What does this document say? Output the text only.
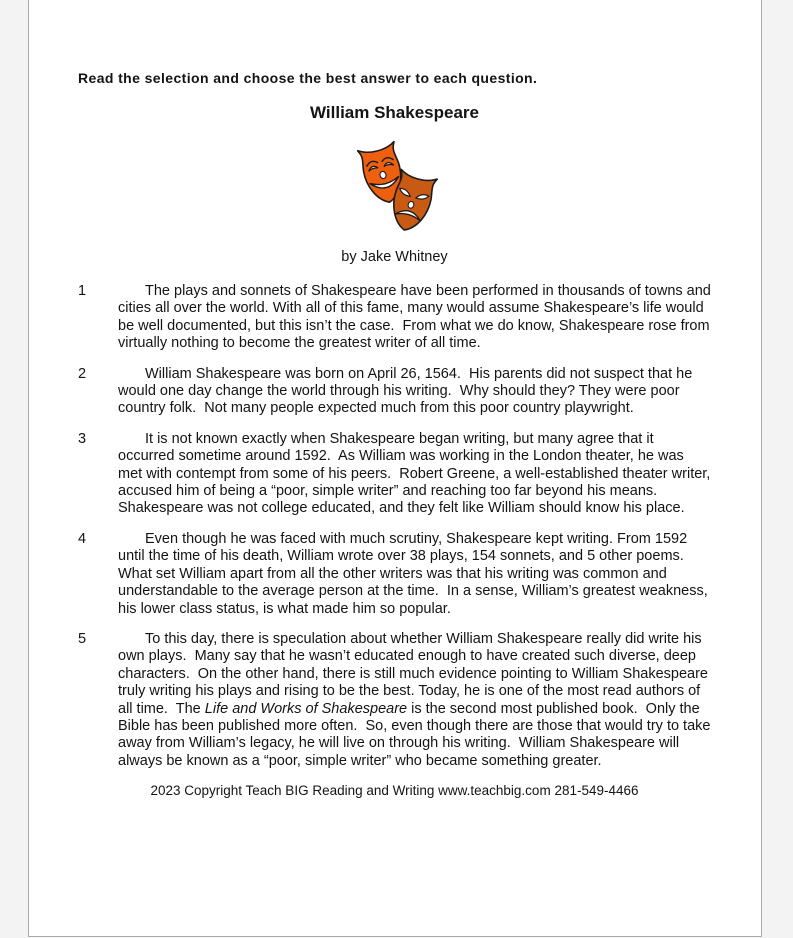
Read the selection and choose the best answer to each question.

William Shakespeare

by Jake Whitney

1	The plays and sonnets of Shakespeare have been performed in thousands of towns and cities all over the world. With all of this fame, many would assume Shakespeare’s life would be well documented, but this isn’t the case.  From what we do know, Shakespeare rose from virtually nothing to become the greatest writer of all time.
2	William Shakespeare was born on April 26, 1564.  His parents did not suspect that he would one day change the world through his writing.  Why should they? They were poor country folk.  Not many people expected much from this poor country playwright.
3	It is not known exactly when Shakespeare began writing, but many agree that it occurred sometime around 1592.  As William was working in the London theater, he was met with contempt from some of his peers.  Robert Greene, a well-established theater writer, accused him of being a “poor, simple writer” and reaching too far beyond his means.  Shakespeare was not college educated, and they felt like William should know his place.
4	Even though he was faced with much scrutiny, Shakespeare kept writing. From 1592 until the time of his death, William wrote over 38 plays, 154 sonnets, and 5 other poems.  What set William apart from all the other writers was that his writing was common and understandable to the average person at the time.  In a sense, William’s greatest weakness, his lower class status, is what made him so popular.
5	To this day, there is speculation about whether William Shakespeare really did write his own plays.  Many say that he wasn’t educated enough to have created such diverse, deep characters.  On the other hand, there is still much evidence pointing to William Shakespeare truly writing his plays and rising to be the best. Today, he is one of the most read authors of all time.  The Life and Works of Shakespeare is the second most published book.  Only the Bible has been published more often.  So, even though there are those that would try to take away from William’s legacy, he will live on through his writing.  William Shakespeare will always be known as a “poor, simple writer” who became something greater.

2023 Copyright Teach BIG Reading and Writing www.teachbig.com 281-549-4466
